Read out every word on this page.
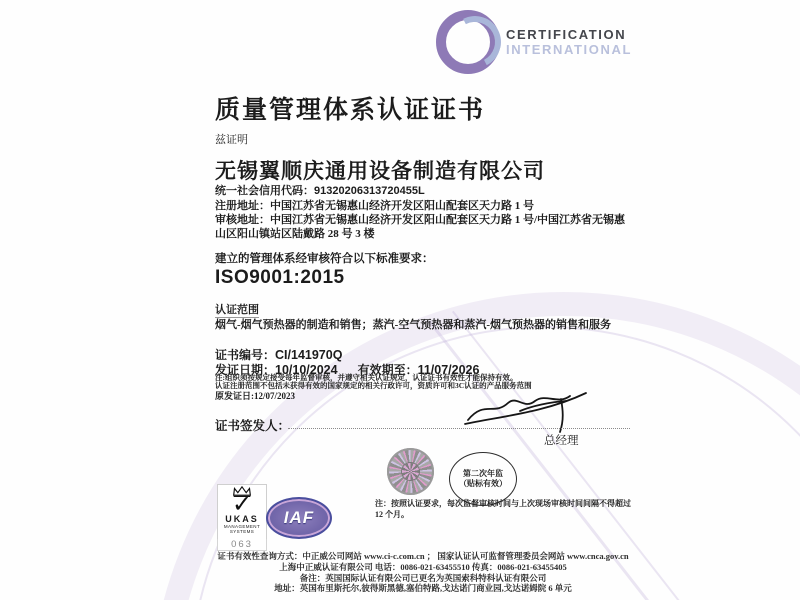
CERTIFICATION
INTERNATIONAL
质量管理体系认证证书
兹证明
无锡翼顺庆通用设备制造有限公司
统一社会信用代码：91320206313720455L
注册地址：中国江苏省无锡惠山经济开发区阳山配套区天力路 1 号
审核地址：中国江苏省无锡惠山经济开发区阳山配套区天力路 1 号/中国江苏省无锡惠山区阳山镇站区陆戴路 28 号 3 楼
建立的管理体系经审核符合以下标准要求：
ISO9001:2015
认证范围
烟气-烟气预热器的制造和销售；蒸汽-空气预热器和蒸汽-烟气预热器的销售和服务
证书编号：CI/141970Q
发证日期：10/10/2024 有效期至：11/07/2026
注:组织须按规定接受每年监督审核，并遵守相关认证规定，认证证书有效性才能保持有效。
认证注册范围不包括未获得有效的国家规定的相关行政许可，资质许可和3C认证的产品服务范围
原发证日:12/07/2023
证书签发人：
总经理
第二次年监
（贴标有效）
注：按照认证要求，每次监督审核时间与上次现场审核时间间隔不得超过 12 个月。
✓
UKAS
MANAGEMENT SYSTEMS
063
IAF
证书有效性查询方式：中正威公司网站 www.ci-c.com.cn ； 国家认证认可监督管理委员会网站 www.cnca.gov.cn
上海中正威认证有限公司 电话：0086-021-63455510 传真：0086-021-63455405
备注：英国国际认证有限公司已更名为英国索科特科认证有限公司
地址：英国布里斯托尔,彼得斯黑德,塞伯特路,戈达诺门商业园,戈达诺姆院 6 单元
